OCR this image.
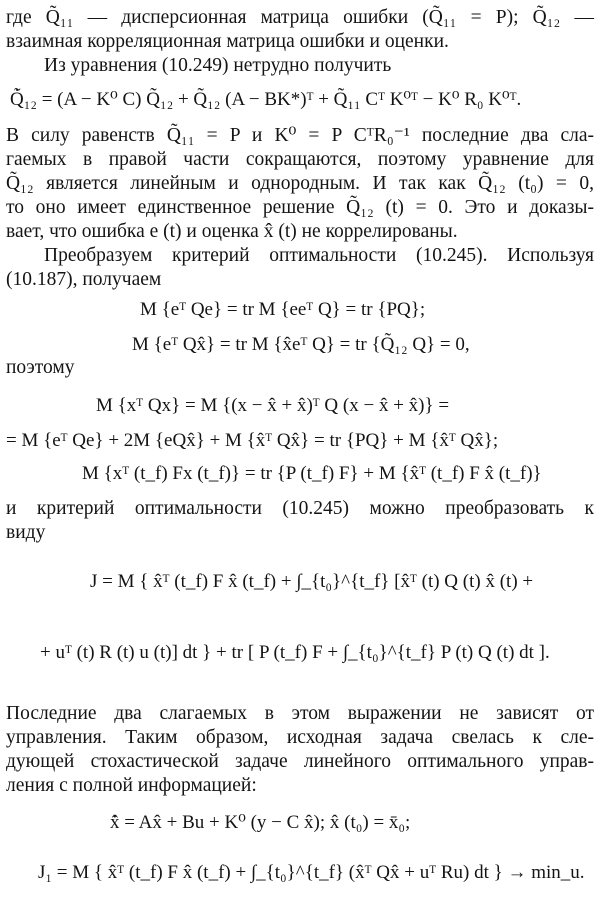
где Q̃₁₁ — дисперсионная матрица ошибки (Q̃₁₁ = P); Q̃₁₂ —
взаимная корреляционная матрица ошибки и оценки.
Из уравнения (10.249) нетрудно получить
Q̃̇₁₂ = (A − K⁰ C) Q̃₁₂ + Q̃₁₂ (A − BK*)ᵀ + Q̃₁₁ Cᵀ K⁰ᵀ − K⁰ R₀ K⁰ᵀ.
В силу равенств Q̃₁₁ = P и K⁰ = P CᵀR₀⁻¹ последние два сла-
гаемых в правой части сокращаются, поэтому уравнение для
Q̃₁₂ является линейным и однородным. И так как Q̃₁₂ (t₀) = 0,
то оно имеет единственное решение Q̃₁₂ (t) = 0. Это и доказы-
вает, что ошибка e (t) и оценка x̂ (t) не коррелированы.
Преобразуем критерий оптимальности (10.245). Используя
(10.187), получаем
M {eᵀ Qe} = tr M {eeᵀ Q} = tr {PQ};
M {eᵀ Qx̂} = tr M {x̂eᵀ Q} = tr {Q̃₁₂ Q} = 0,
поэтому
M {xᵀ Qx} = M {(x − x̂ + x̂)ᵀ Q (x − x̂ + x̂)} =
= M {eᵀ Qe} + 2M {eQx̂} + M {x̂ᵀ Qx̂} = tr {PQ} + M {x̂ᵀ Qx̂};
M {xᵀ (t_f) Fx (t_f)} = tr {P (t_f) F} + M {x̂ᵀ (t_f) F x̂ (t_f)}
и критерий оптимальности (10.245) можно преобразовать к
виду
J = M { x̂ᵀ (t_f) F x̂ (t_f) + ∫_{t₀}^{t_f} [x̂ᵀ (t) Q (t) x̂ (t) +
+ uᵀ (t) R (t) u (t)] dt } + tr [ P (t_f) F + ∫_{t₀}^{t_f} P (t) Q (t) dt ].
Последние два слагаемых в этом выражении не зависят от
управления. Таким образом, исходная задача свелась к сле-
дующей стохастической задаче линейного оптимального управ-
ления с полной информацией:
x̂̇ = Ax̂ + Bu + K⁰ (y − C x̂); x̂ (t₀) = x̄₀;
J₁ = M { x̂ᵀ (t_f) F x̂ (t_f) + ∫_{t₀}^{t_f} (x̂ᵀ Qx̂ + uᵀ Ru) dt } → min_u.
